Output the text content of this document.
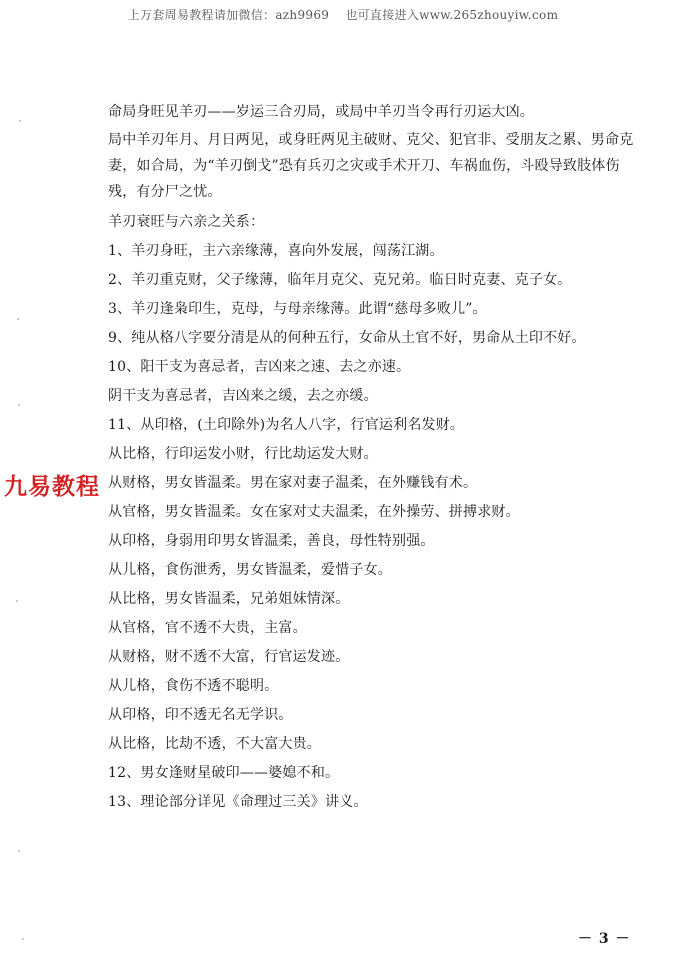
上万套周易教程请加微信：azh9969 也可直接进入www.265zhouyiw.com
命局身旺见羊刃——岁运三合刃局，或局中羊刃当令再行刃运大凶。
局中羊刃年月、月日两见，或身旺两见主破财、克父、犯官非、受朋友之累、男命克妻，如合局，为“羊刃倒戈”恐有兵刃之灾或手术开刀、车祸血伤，斗殴导致肢体伤残，有分尸之忧。
羊刃衰旺与六亲之关系：
1、羊刃身旺，主六亲缘薄，喜向外发展，闯荡江湖。
2、羊刃重克财，父子缘薄，临年月克父、克兄弟。临日时克妻、克子女。
3、羊刃逢枭印生，克母，与母亲缘薄。此谓“慈母多败儿”。
9、纯从格八字要分清是从的何种五行，女命从土官不好，男命从土印不好。
10、阳干支为喜忌者，吉凶来之速、去之亦速。
阴干支为喜忌者，吉凶来之缓，去之亦缓。
11、从印格，(土印除外)为名人八字，行官运利名发财。
从比格，行印运发小财，行比劫运发大财。
从财格，男女皆温柔。男在家对妻子温柔，在外赚钱有术。
从官格，男女皆温柔。女在家对丈夫温柔，在外操劳、拼搏求财。
从印格，身弱用印男女皆温柔，善良，母性特别强。
从儿格，食伤泄秀，男女皆温柔，爱惜子女。
从比格，男女皆温柔，兄弟姐妹情深。
从官格，官不透不大贵，主富。
从财格，财不透不大富，行官运发迹。
从儿格，食伤不透不聪明。
从印格，印不透无名无学识。
从比格，比劫不透，不大富大贵。
12、男女逢财星破印——婆媳不和。
13、理论部分详见《命理过三关》讲义。
九易教程
－ 3 －
